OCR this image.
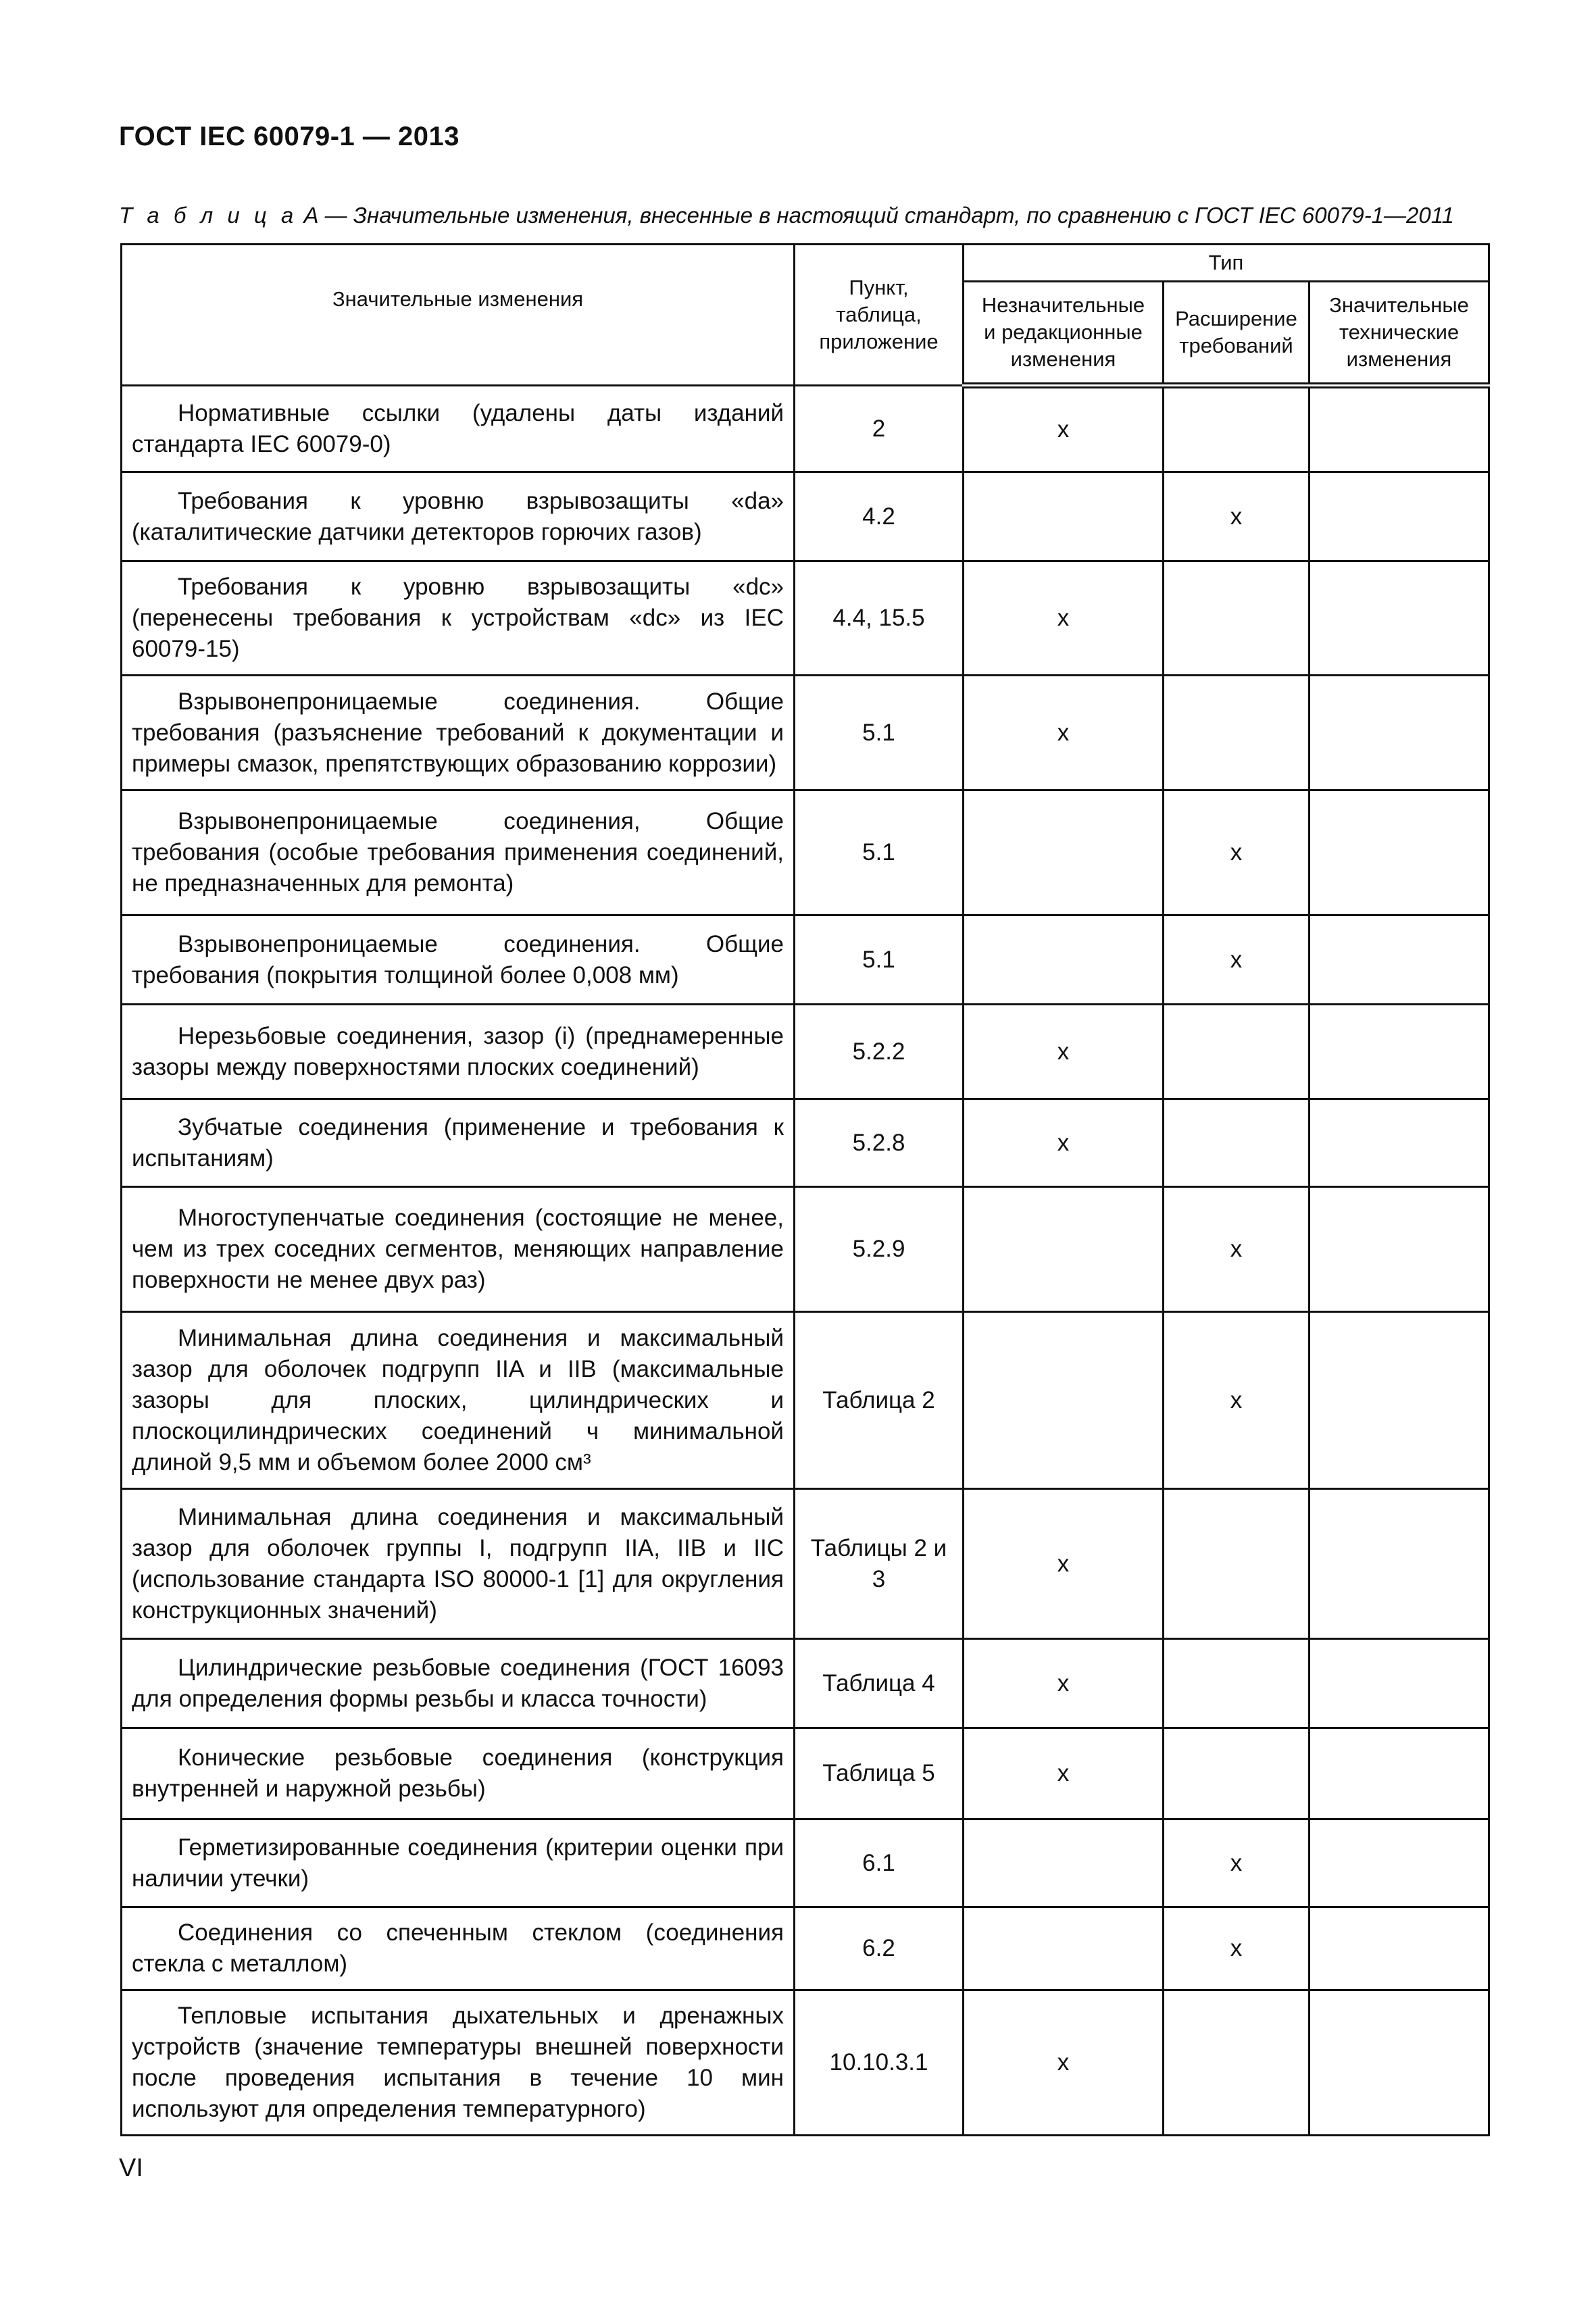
ГОСТ IEC 60079-1 — 2013
Т а б л и ц а А — Значительные изменения, внесенные в настоящий стандарт, по сравнению с ГОСТ IEC 60079-1—2011
Значительные изменения	Пункт, таблица, приложение	Тип		
		Незначительные и редакционные изменения	Расширение требований	Значительные технические изменения
Нормативные ссылки (удалены даты изданий стандарта IEC 60079-0)	2	x		
Требования к уровню взрывозащиты «da» (каталитические датчики детекторов горючих газов)	4.2		x	
Требования к уровню взрывозащиты «dc» (перенесены требования к устройствам «dc» из IEC 60079-15)	4.4, 15.5	x		
Взрывонепроницаемые соединения. Общие требования (разъяснение требований к документации и примеры смазок, препятствующих образованию коррозии)	5.1	x		
Взрывонепроницаемые соединения, Общие требования (особые требования применения соединений, не предназначенных для ремонта)	5.1		x	
Взрывонепроницаемые соединения. Общие требования (покрытия толщиной более 0,008 мм)	5.1		x	
Нерезьбовые соединения, зазор (i) (преднамеренные зазоры между поверхностями плоских соединений)	5.2.2	x		
Зубчатые соединения (применение и требования к испытаниям)	5.2.8	x		
Многоступенчатые соединения (состоящие не менее, чем из трех соседних сегментов, меняющих направление поверхности не менее двух раз)	5.2.9		x	
Минимальная длина соединения и максимальный зазор для оболочек подгрупп IIA и IIB (максимальные зазоры для плоских, цилиндрических и плоскоцилиндрических соединений ч минимальной длиной 9,5 мм и объемом более 2000 см³	Таблица 2		x	
Минимальная длина соединения и максимальный зазор для оболочек группы I, подгрупп IIA, IIB и IIC (использование стандарта ISO 80000-1 [1] для округления конструкционных значений)	Таблицы 2 и 3	x		
Цилиндрические резьбовые соединения (ГОСТ 16093 для определения формы резьбы и класса точности)	Таблица 4	x		
Конические резьбовые соединения (конструкция внутренней и наружной резьбы)	Таблица 5	x		
Герметизированные соединения (критерии оценки при наличии утечки)	6.1		x	
Соединения со спеченным стеклом (соединения стекла с металлом)	6.2		x	
Тепловые испытания дыхательных и дренажных устройств (значение температуры внешней поверхности после проведения испытания в течение 10 мин используют для определения температурного)	10.10.3.1	x		
VI
